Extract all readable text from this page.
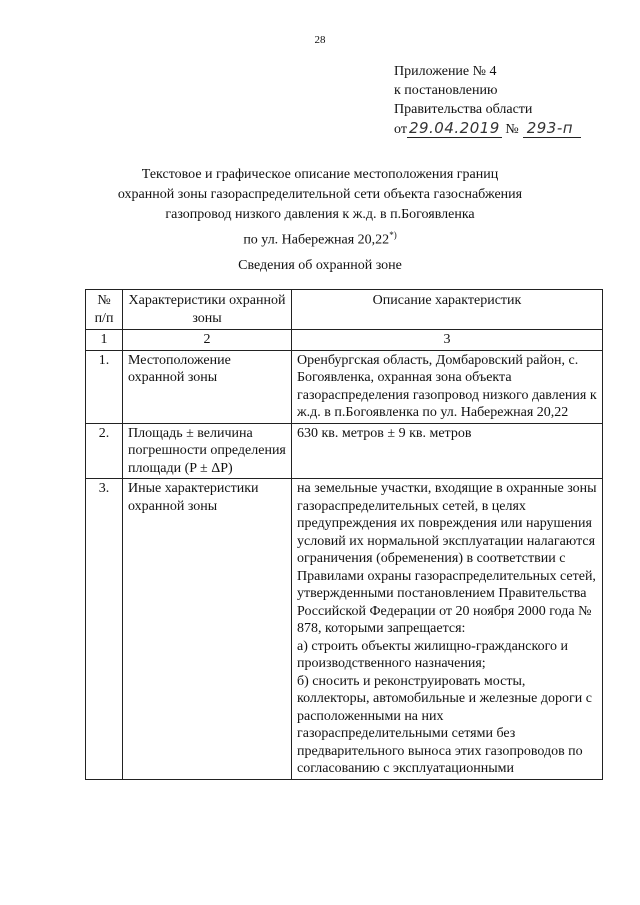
28
Приложение № 4
к постановлению
Правительства области
от 29.04.2019 № 293-п
Текстовое и графическое описание местоположения границ
охранной зоны газораспределительной сети объекта газоснабжения
газопровод низкого давления к ж.д. в п.Богоявленка
по ул. Набережная 20,22*)
Сведения об охранной зоне
№ п/п	Характеристики охранной зоны	Описание характеристик
1	2	3
1.	Местоположение охранной зоны	Оренбургская область, Домбаровский район, с. Богоявленка, охранная зона объекта газораспределения газопровод низкого давления к ж.д. в п.Богоявленка по ул. Набережная 20,22
2.	Площадь ± величина погрешности определения площади (P ± ΔP)	630 кв. метров ± 9 кв. метров
3.	Иные характеристики охранной зоны	на земельные участки, входящие в охранные зоны газораспределительных сетей, в целях предупреждения их повреждения или нарушения условий их нормальной эксплуатации налагаются ограничения (обременения) в соответствии с Правилами охраны газораспределительных сетей, утвержденными постановлением Правительства Российской Федерации от 20 ноября 2000 года № 878, которыми запрещается:
а) строить объекты жилищно-гражданского и производственного назначения;
б) сносить и реконструировать мосты, коллекторы, автомобильные и железные дороги с расположенными на них газораспределительными сетями без предварительного выноса этих газопроводов по согласованию с эксплуатационными
